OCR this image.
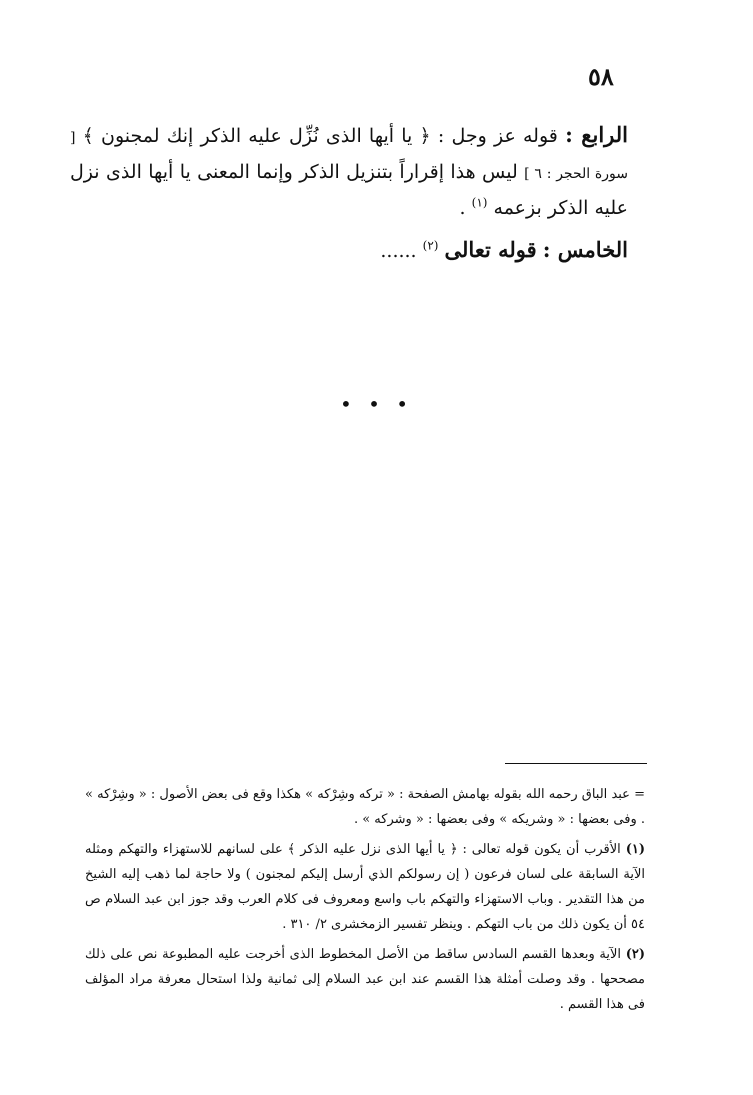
٥٨

الرابع : قوله عز وجل : ﴿ يا أيها الذى نُزِّل عليه الذكر إنك لمجنون ﴾ [ سورة الحجر : ٦ ] ليس هذا إقراراً بتنزيل الذكر وإنما المعنى يا أيها الذى نزل عليه الذكر بزعمه $^{(١)}$ .

الخامس : قوله تعالى $^{(٢)}$ ......

• • •

= عبد الباق رحمه الله بقوله بهامش الصفحة : « تركه وشِرْكه » هكذا وقع فى بعض الأصول : « وشِرْكه » . وفى بعضها : « وشريكه » وفى بعضها : « وشركه » .

(١) الأقرب أن يكون قوله تعالى : ﴿ يا أيها الذى نزل عليه الذكر ﴾ على لسانهم للاستهزاء والتهكم ومثله الآية السابقة على لسان فرعون ( إن رسولكم الذي أرسل إليكم لمجنون ) ولا حاجة لما ذهب إليه الشيخ من هذا التقدير . وباب الاستهزاء والتهكم باب واسع ومعروف فى كلام العرب وقد جوز ابن عبد السلام ص ٥٤ أن يكون ذلك من باب التهكم . وينظر تفسير الزمخشرى ٢/ ٣١٠ .

(٢) الآية وبعدها القسم السادس ساقط من الأصل المخطوط الذى أخرجت عليه المطبوعة نص على ذلك مصححها . وقد وصلت أمثلة هذا القسم عند ابن عبد السلام إلى ثمانية ولذا استحال معرفة مراد المؤلف فى هذا القسم .
